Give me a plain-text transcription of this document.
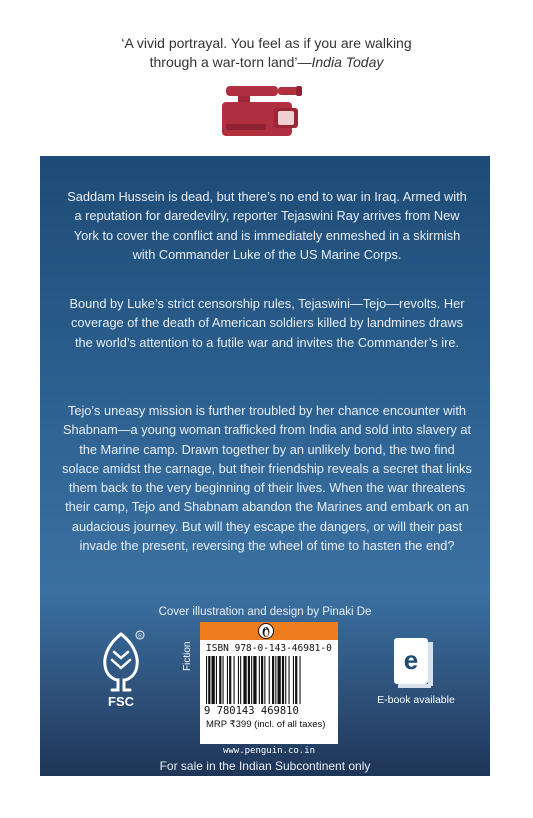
‘A vivid portrayal. You feel as if you are walking
through a war-torn land’—India Today
Saddam Hussein is dead, but there’s no end to war in Iraq. Armed with a reputation for daredevilry, reporter Tejaswini Ray arrives from New York to cover the conflict and is immediately enmeshed in a skirmish with Commander Luke of the US Marine Corps.
Bound by Luke’s strict censorship rules, Tejaswini—Tejo—revolts. Her coverage of the death of American soldiers killed by landmines draws the world’s attention to a futile war and invites the Commander’s ire.
Tejo’s uneasy mission is further troubled by her chance encounter with Shabnam—a young woman trafficked from India and sold into slavery at the Marine camp. Drawn together by an unlikely bond, the two find solace amidst the carnage, but their friendship reveals a secret that links them back to the very beginning of their lives. When the war threatens their camp, Tejo and Shabnam abandon the Marines and embark on an audacious journey. But will they escape the dangers, or will their past invade the present, reversing the wheel of time to hasten the end?
Cover illustration and design by Pinaki De
R
FSC
Fiction	ISBN 978-0-143-46981-0
9 780143 469810
MRP ₹399 (incl. of all taxes)
www.penguin.co.in
e
E-book available
For sale in the Indian Subcontinent only
